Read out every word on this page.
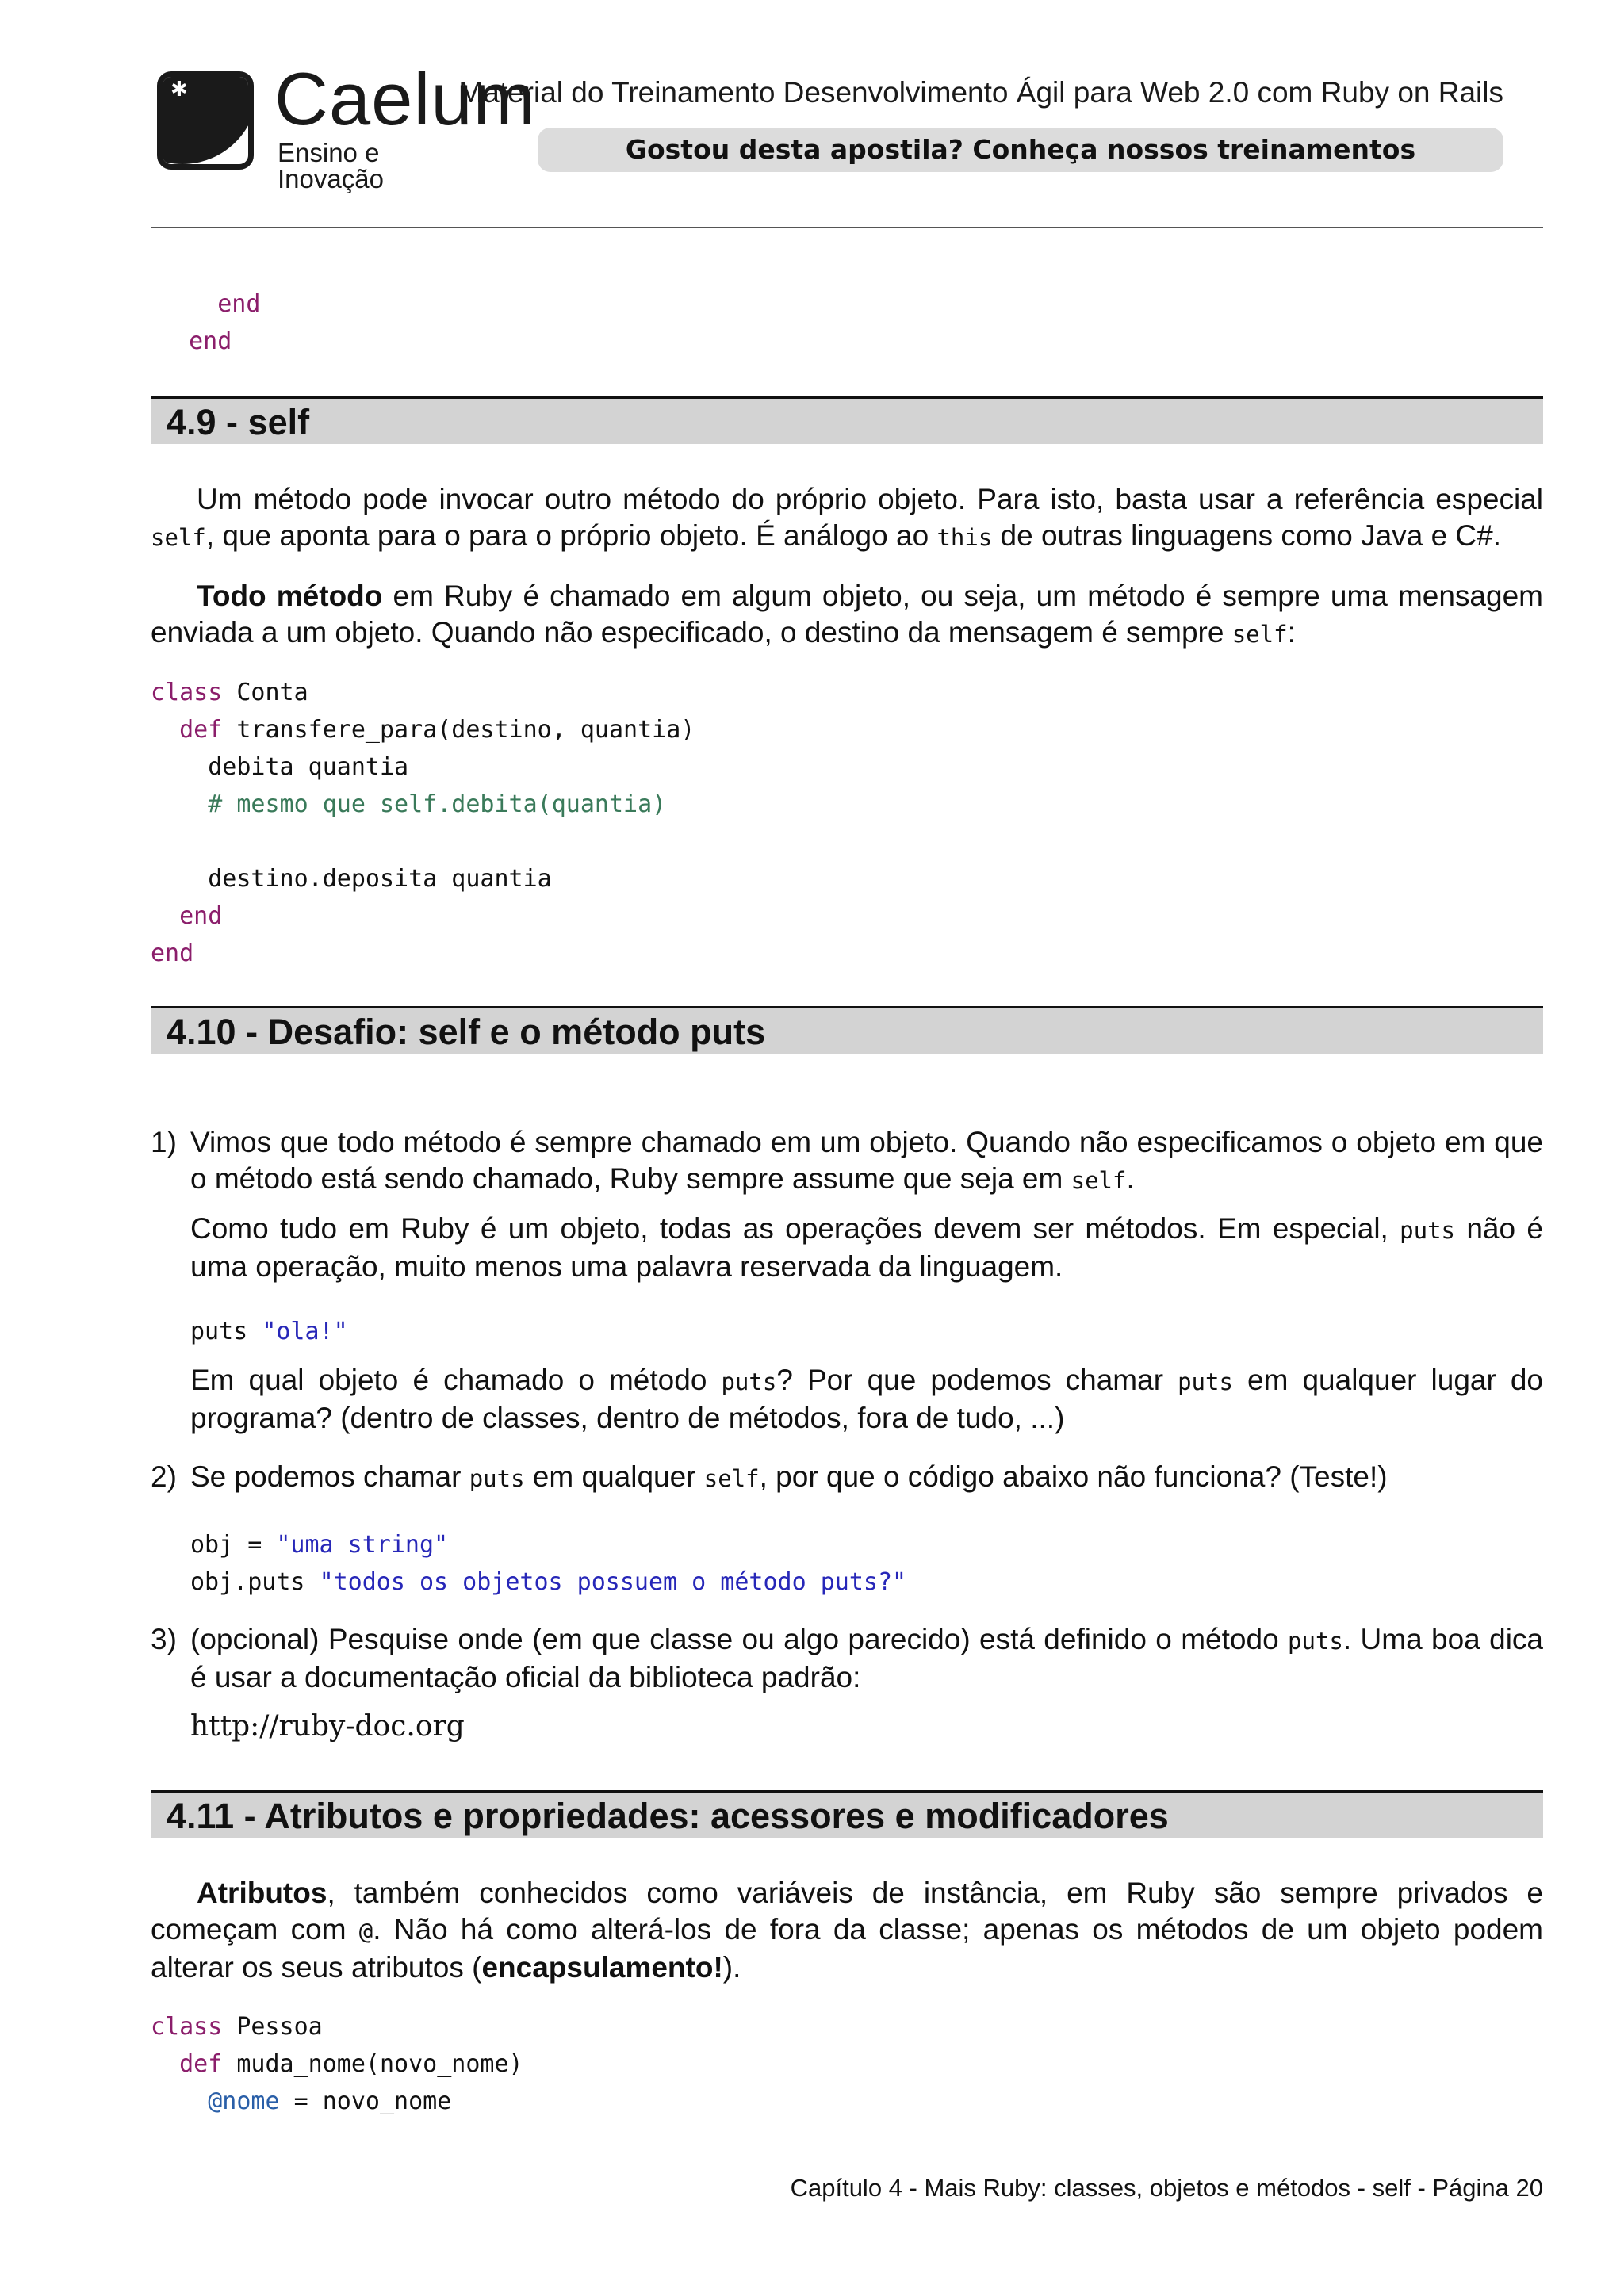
✱ Caelum
Ensino e Inovação
Material do Treinamento Desenvolvimento Ágil para Web 2.0 com Ruby on Rails
Gostou desta apostila? Conheça nossos treinamentos
end
end
4.9 - self
Um método pode invocar outro método do próprio objeto. Para isto, basta usar a referência especial self, que aponta para o para o próprio objeto. É análogo ao this de outras linguagens como Java e C#.
Todo método em Ruby é chamado em algum objeto, ou seja, um método é sempre uma mensagem enviada a um objeto. Quando não especificado, o destino da mensagem é sempre self:
class Conta
def transfere_para(destino, quantia)
debita quantia
# mesmo que self.debita(quantia)

destino.deposita quantia
end
end
4.10 - Desafio: self e o método puts
1) Vimos que todo método é sempre chamado em um objeto. Quando não especificamos o objeto em que o método está sendo chamado, Ruby sempre assume que seja em self.
Como tudo em Ruby é um objeto, todas as operações devem ser métodos. Em especial, puts não é uma operação, muito menos uma palavra reservada da linguagem.
puts "ola!"
Em qual objeto é chamado o método puts? Por que podemos chamar puts em qualquer lugar do programa? (dentro de classes, dentro de métodos, fora de tudo, ...)
2) Se podemos chamar puts em qualquer self, por que o código abaixo não funciona? (Teste!)
obj = "uma string"
obj.puts "todos os objetos possuem o método puts?"
3) (opcional) Pesquise onde (em que classe ou algo parecido) está definido o método puts. Uma boa dica é usar a documentação oficial da biblioteca padrão:
http://ruby-doc.org
4.11 - Atributos e propriedades: acessores e modificadores
Atributos, também conhecidos como variáveis de instância, em Ruby são sempre privados e começam com @. Não há como alterá-los de fora da classe; apenas os métodos de um objeto podem alterar os seus atributos (encapsulamento!).
class Pessoa
def muda_nome(novo_nome)
@nome = novo_nome
Capítulo 4 - Mais Ruby: classes, objetos e métodos - self - Página 20
